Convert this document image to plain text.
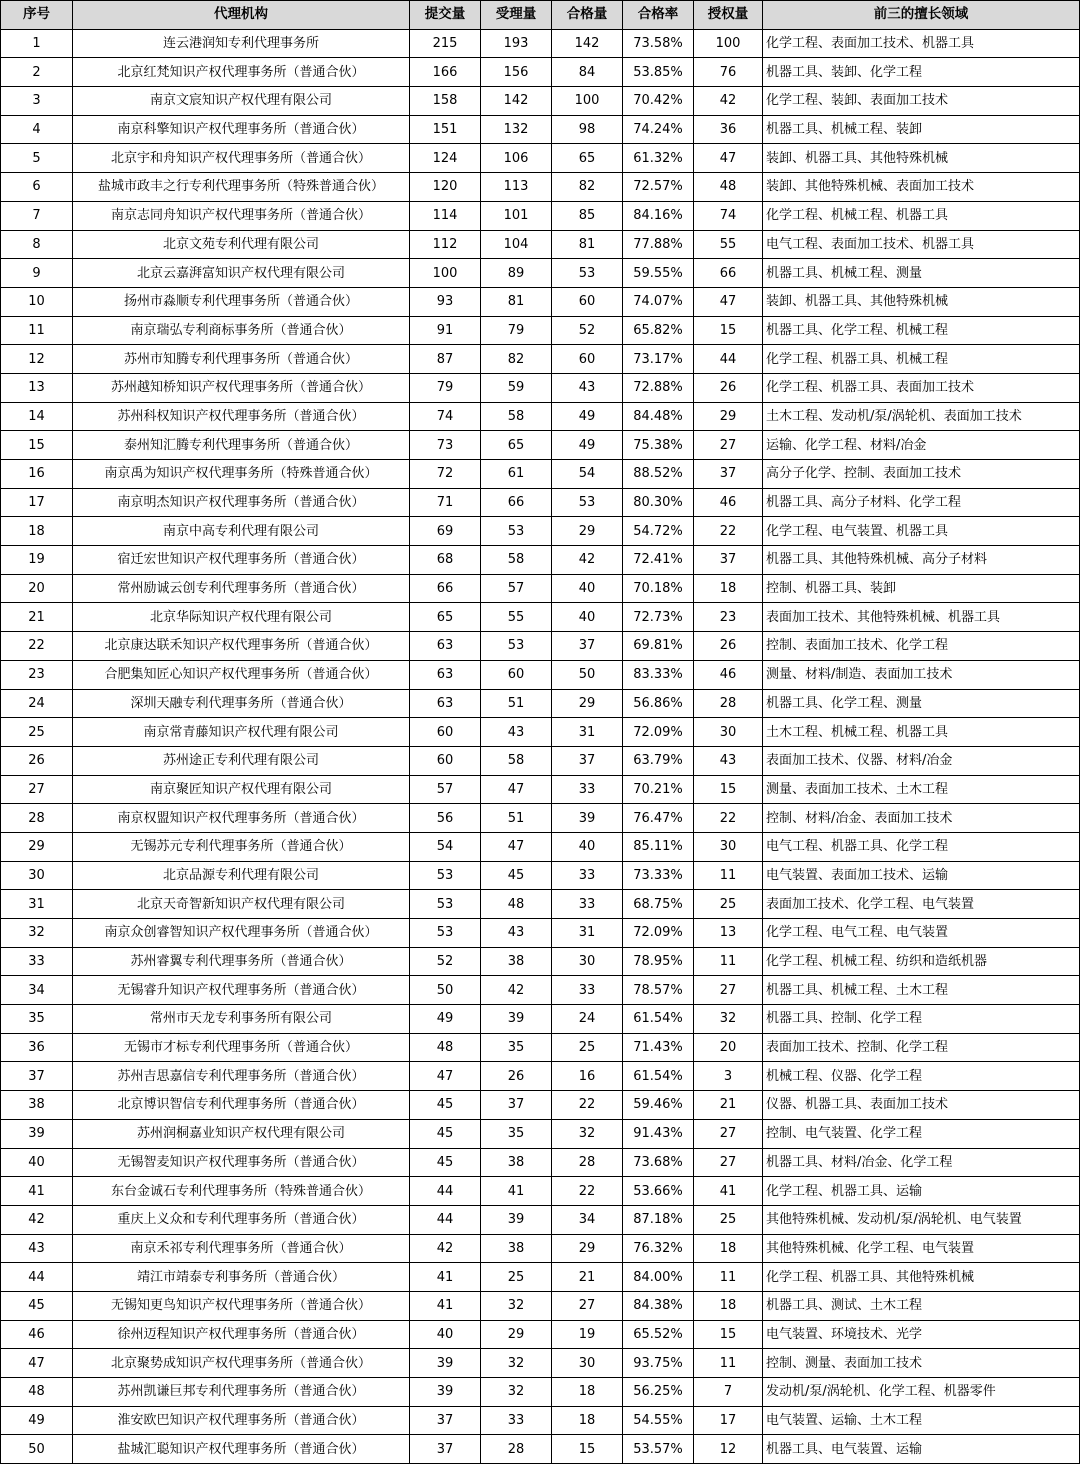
序号	代理机构	提交量	受理量	合格量	合格率	授权量	前三的擅长领域
1	连云港润知专利代理事务所	215	193	142	73.58%	100	化学工程、表面加工技术、机器工具
2	北京红梵知识产权代理事务所（普通合伙）	166	156	84	53.85%	76	机器工具、装卸、化学工程
3	南京文宸知识产权代理有限公司	158	142	100	70.42%	42	化学工程、装卸、表面加工技术
4	南京科擎知识产权代理事务所（普通合伙）	151	132	98	74.24%	36	机器工具、机械工程、装卸
5	北京宇和舟知识产权代理事务所（普通合伙）	124	106	65	61.32%	47	装卸、机器工具、其他特殊机械
6	盐城市政丰之行专利代理事务所（特殊普通合伙）	120	113	82	72.57%	48	装卸、其他特殊机械、表面加工技术
7	南京志同舟知识产权代理事务所（普通合伙）	114	101	85	84.16%	74	化学工程、机械工程、机器工具
8	北京文苑专利代理有限公司	112	104	81	77.88%	55	电气工程、表面加工技术、机器工具
9	北京云嘉湃富知识产权代理有限公司	100	89	53	59.55%	66	机器工具、机械工程、测量
10	扬州市淼顺专利代理事务所（普通合伙）	93	81	60	74.07%	47	装卸、机器工具、其他特殊机械
11	南京瑞弘专利商标事务所（普通合伙）	91	79	52	65.82%	15	机器工具、化学工程、机械工程
12	苏州市知腾专利代理事务所（普通合伙）	87	82	60	73.17%	44	化学工程、机器工具、机械工程
13	苏州越知桥知识产权代理事务所（普通合伙）	79	59	43	72.88%	26	化学工程、机器工具、表面加工技术
14	苏州科权知识产权代理事务所（普通合伙）	74	58	49	84.48%	29	土木工程、发动机/泵/涡轮机、表面加工技术
15	泰州知汇腾专利代理事务所（普通合伙）	73	65	49	75.38%	27	运输、化学工程、材料/冶金
16	南京禹为知识产权代理事务所（特殊普通合伙）	72	61	54	88.52%	37	高分子化学、控制、表面加工技术
17	南京明杰知识产权代理事务所（普通合伙）	71	66	53	80.30%	46	机器工具、高分子材料、化学工程
18	南京中高专利代理有限公司	69	53	29	54.72%	22	化学工程、电气装置、机器工具
19	宿迁宏世知识产权代理事务所（普通合伙）	68	58	42	72.41%	37	机器工具、其他特殊机械、高分子材料
20	常州励诚云创专利代理事务所（普通合伙）	66	57	40	70.18%	18	控制、机器工具、装卸
21	北京华际知识产权代理有限公司	65	55	40	72.73%	23	表面加工技术、其他特殊机械、机器工具
22	北京康达联禾知识产权代理事务所（普通合伙）	63	53	37	69.81%	26	控制、表面加工技术、化学工程
23	合肥集知匠心知识产权代理事务所（普通合伙）	63	60	50	83.33%	46	测量、材料/制造、表面加工技术
24	深圳天融专利代理事务所（普通合伙）	63	51	29	56.86%	28	机器工具、化学工程、测量
25	南京常青藤知识产权代理有限公司	60	43	31	72.09%	30	土木工程、机械工程、机器工具
26	苏州途正专利代理有限公司	60	58	37	63.79%	43	表面加工技术、仪器、材料/冶金
27	南京聚匠知识产权代理有限公司	57	47	33	70.21%	15	测量、表面加工技术、土木工程
28	南京权盟知识产权代理事务所（普通合伙）	56	51	39	76.47%	22	控制、材料/冶金、表面加工技术
29	无锡苏元专利代理事务所（普通合伙）	54	47	40	85.11%	30	电气工程、机器工具、化学工程
30	北京品源专利代理有限公司	53	45	33	73.33%	11	电气装置、表面加工技术、运输
31	北京天奇智新知识产权代理有限公司	53	48	33	68.75%	25	表面加工技术、化学工程、电气装置
32	南京众创睿智知识产权代理事务所（普通合伙）	53	43	31	72.09%	13	化学工程、电气工程、电气装置
33	苏州睿翼专利代理事务所（普通合伙）	52	38	30	78.95%	11	化学工程、机械工程、纺织和造纸机器
34	无锡睿升知识产权代理事务所（普通合伙）	50	42	33	78.57%	27	机器工具、机械工程、土木工程
35	常州市天龙专利事务所有限公司	49	39	24	61.54%	32	机器工具、控制、化学工程
36	无锡市才标专利代理事务所（普通合伙）	48	35	25	71.43%	20	表面加工技术、控制、化学工程
37	苏州吉思嘉信专利代理事务所（普通合伙）	47	26	16	61.54%	3	机械工程、仪器、化学工程
38	北京博识智信专利代理事务所（普通合伙）	45	37	22	59.46%	21	仪器、机器工具、表面加工技术
39	苏州润桐嘉业知识产权代理有限公司	45	35	32	91.43%	27	控制、电气装置、化学工程
40	无锡智麦知识产权代理事务所（普通合伙）	45	38	28	73.68%	27	机器工具、材料/冶金、化学工程
41	东台金诚石专利代理事务所（特殊普通合伙）	44	41	22	53.66%	41	化学工程、机器工具、运输
42	重庆上义众和专利代理事务所（普通合伙）	44	39	34	87.18%	25	其他特殊机械、发动机/泵/涡轮机、电气装置
43	南京禾祁专利代理事务所（普通合伙）	42	38	29	76.32%	18	其他特殊机械、化学工程、电气装置
44	靖江市靖泰专利事务所（普通合伙）	41	25	21	84.00%	11	化学工程、机器工具、其他特殊机械
45	无锡知更鸟知识产权代理事务所（普通合伙）	41	32	27	84.38%	18	机器工具、测试、土木工程
46	徐州迈程知识产权代理事务所（普通合伙）	40	29	19	65.52%	15	电气装置、环境技术、光学
47	北京聚势成知识产权代理事务所（普通合伙）	39	32	30	93.75%	11	控制、测量、表面加工技术
48	苏州凯谦巨邦专利代理事务所（普通合伙）	39	32	18	56.25%	7	发动机/泵/涡轮机、化学工程、机器零件
49	淮安欧巴知识产权代理事务所（普通合伙）	37	33	18	54.55%	17	电气装置、运输、土木工程
50	盐城汇聪知识产权代理事务所（普通合伙）	37	28	15	53.57%	12	机器工具、电气装置、运输
